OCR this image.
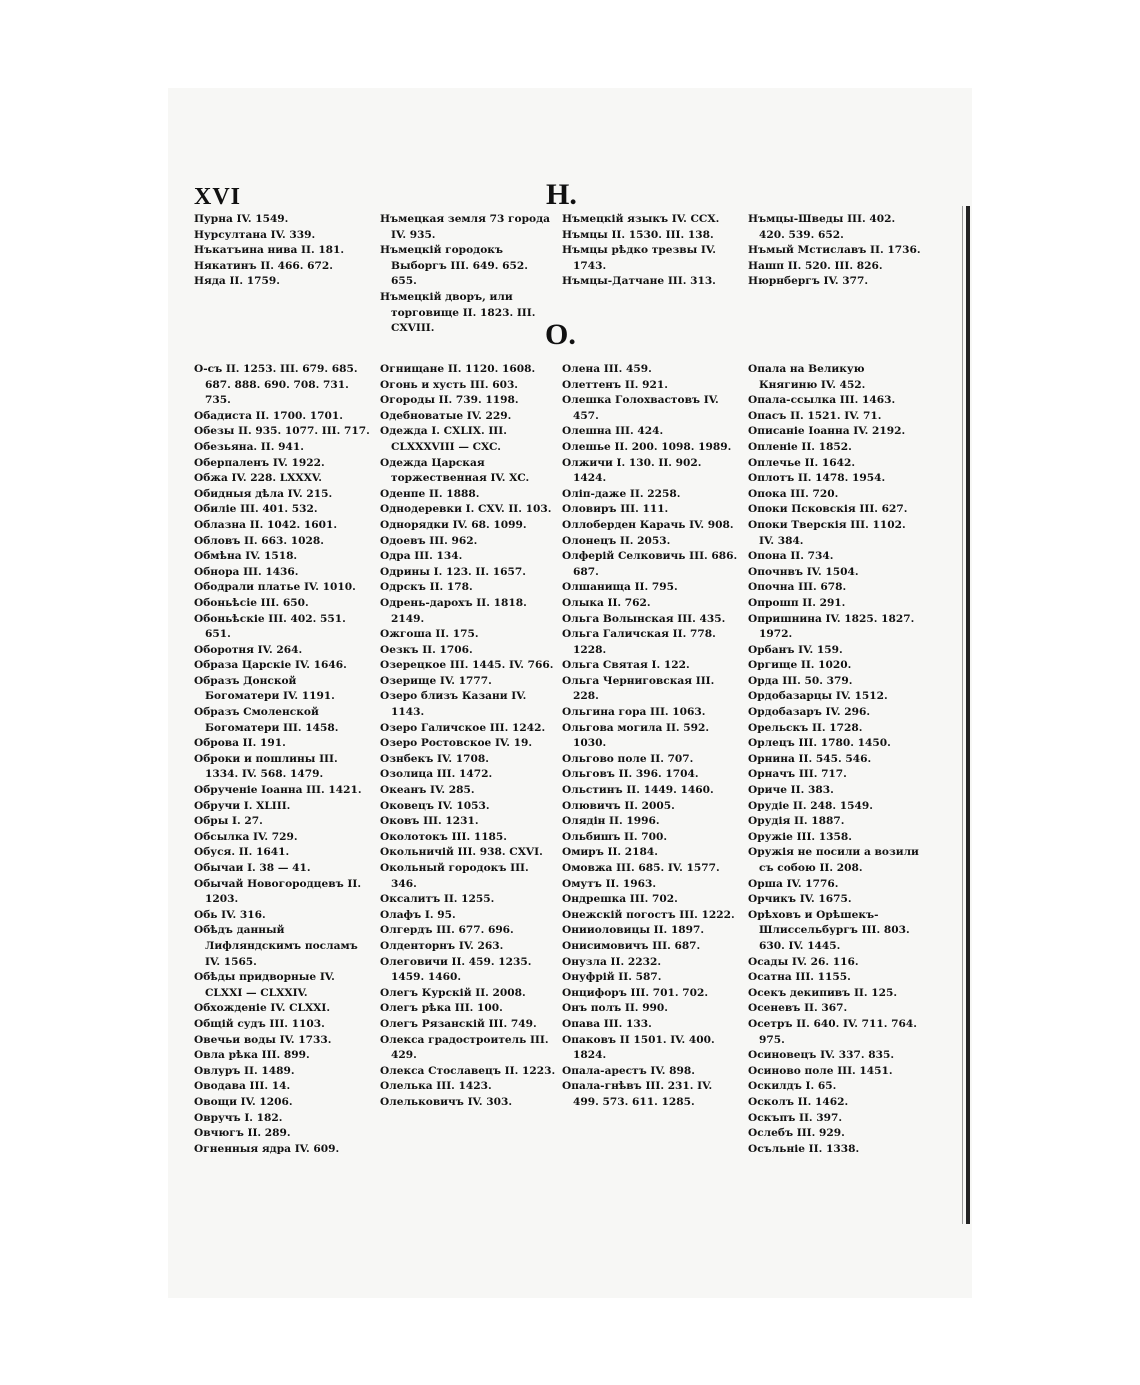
XVI	Н.
О.
Пурна IV. 1549.
Нурсултана IV. 339.
Нъкатъина нива II. 181.
Някатинъ II. 466. 672.
Няда II. 1759.
Нъмецкая земля 73 города IV. 935.
Нъмецкій городокъ Выборгъ III. 649. 652. 655.
Нъмецкій дворъ, или торговище II. 1823. III. CXVIII.
Нъмецкій языкъ IV. CCX.
Нъмцы II. 1530. III. 138.
Нъмцы рѣдко трезвы IV. 1743.
Нъмцы-Датчане III. 313.
Нъмцы-Шведы III. 402. 420. 539. 652.
Нъмый Мстиславъ II. 1736.
Нашп II. 520. III. 826.
Нюрнбергъ IV. 377.
О-съ II. 1253. III. 679. 685. 687. 888. 690. 708. 731. 735.
Обадиста II. 1700. 1701.
Обезы II. 935. 1077. III. 717.
Обезьяна. II. 941.
Оберпаленъ IV. 1922.
Обжа IV. 228. LXXXV.
Обидныя дѣла IV. 215.
Обиліе III. 401. 532.
Облазна II. 1042. 1601.
Обловъ II. 663. 1028.
Обмѣна IV. 1518.
Обнора III. 1436.
Ободрали платье IV. 1010.
Обоньѣсie III. 650.
Обоньѣскіе III. 402. 551. 651.
Оборотня IV. 264.
Образа Царскіе IV. 1646.
Образъ Донской Богоматери IV. 1191.
Образъ Смоленской Богоматери III. 1458.
Оброва II. 191.
Оброки и пошлины III. 1334. IV. 568. 1479.
Обрученіе Іоанна III. 1421.
Обручи I. XLIII.
Обры I. 27.
Обсылка IV. 729.
Обуся. II. 1641.
Обычаи I. 38 — 41.
Обычай Новогородцевъ II. 1203.
Обь IV. 316.
Обѣдъ данный Лифляндскимъ посламъ IV. 1565.
Обѣды придворные IV. CLXXI — CLXXIV.
Обхожденіе IV. CLXXI.
Общій судъ III. 1103.
Овечьи воды IV. 1733.
Овла рѣка III. 899.
Овлуръ II. 1489.
Оводава III. 14.
Овощи IV. 1206.
Овручъ I. 182.
Овчюгъ II. 289.
Огненныя ядра IV. 609.
Огнищане II. 1120. 1608.
Огонь и хусть III. 603.
Огороды II. 739. 1198.
Одебноватые IV. 229.
Одежда I. CXLIX. III. CLXXXVIII — CXC.
Одежда Царская торжественная IV. XC.
Оденпе II. 1888.
Однодеревки I. CXV. II. 103.
Однорядки IV. 68. 1099.
Одоевъ III. 962.
Одра III. 134.
Одрины I. 123. II. 1657.
Одрскъ II. 178.
Одрень-дарохъ II. 1818. 2149.
Ожгоша II. 175.
Оезкъ II. 1706.
Озерецкое III. 1445. IV. 766.
Озерище IV. 1777.
Озеро близъ Казани IV. 1143.
Озеро Галичское III. 1242.
Озеро Ростовское IV. 19.
Ознбекъ IV. 1708.
Озолица III. 1472.
Океанъ IV. 285.
Оковецъ IV. 1053.
Оковъ III. 1231.
Околотокъ III. 1185.
Окольничій III. 938. CXVI.
Окольный городокъ III. 346.
Оксалитъ II. 1255.
Олафъ I. 95.
Олгердъ III. 677. 696.
Олденторнъ IV. 263.
Олеговичи II. 459. 1235. 1459. 1460.
Олегъ Курскій II. 2008.
Олегъ рѣка III. 100.
Олегъ Рязанскій III. 749.
Олекса градостроитель III. 429.
Олекса Стославецъ II. 1223.
Олелька III. 1423.
Олельковичъ IV. 303.
Олена III. 459.
Олеттенъ II. 921.
Олешка Голохвастовъ IV. 457.
Олешна III. 424.
Олешье II. 200. 1098. 1989.
Олжичи I. 130. II. 902. 1424.
Оліп-даже II. 2258.
Оловиръ III. 111.
Оллоберден Карачь IV. 908.
Олонецъ II. 2053.
Олферій Селковичь III. 686. 687.
Олшанища II. 795.
Олыка II. 762.
Ольга Волынская III. 435.
Ольга Галичская II. 778. 1228.
Ольга Святая I. 122.
Ольга Черниговская III. 228.
Ольгина гора III. 1063.
Ольгова могила II. 592. 1030.
Ольгово поле II. 707.
Ольговъ II. 396. 1704.
Ольстинъ II. 1449. 1460.
Олювичъ II. 2005.
Олядін II. 1996.
Ольбишъ II. 700.
Омиръ II. 2184.
Омовжа III. 685. IV. 1577.
Омутъ II. 1963.
Ондрешка III. 702.
Онежскій погостъ III. 1222.
Онииоловицы II. 1897.
Онисимовичъ III. 687.
Онузла II. 2232.
Онуфрій II. 587.
Онцифоръ III. 701. 702.
Онъ полъ II. 990.
Опава III. 133.
Опаковъ II 1501. IV. 400. 1824.
Опала-арестъ IV. 898.
Опала-гнѣвъ III. 231. IV. 499. 573. 611. 1285.
Опала на Великую Княгиню IV. 452.
Опала-ссылка III. 1463.
Опасъ II. 1521. IV. 71.
Описаніе Іоанна IV. 2192.
Опленіе II. 1852.
Оплечье II. 1642.
Оплотъ II. 1478. 1954.
Опока III. 720.
Опоки Псковскія III. 627.
Опоки Тверскія III. 1102. IV. 384.
Опона II. 734.
Опочнвъ IV. 1504.
Опочна III. 678.
Опрошп II. 291.
Опришнина IV. 1825. 1827. 1972.
Орбанъ IV. 159.
Оргище II. 1020.
Орда III. 50. 379.
Ордобазарцы IV. 1512.
Ордобазаръ IV. 296.
Орельскъ II. 1728.
Орлецъ III. 1780. 1450.
Орнина II. 545. 546.
Орначъ III. 717.
Ориче II. 383.
Орудіе II. 248. 1549.
Орудія II. 1887.
Оружіе III. 1358.
Оружія не посили а возили съ собою II. 208.
Орша IV. 1776.
Орчикъ IV. 1675.
Орѣховъ и Орѣшекъ-Шлиссельбургъ III. 803. 630. IV. 1445.
Осады IV. 26. 116.
Осатна III. 1155.
Осекъ декипивъ II. 125.
Осеневъ II. 367.
Осетръ II. 640. IV. 711. 764. 975.
Осиновецъ IV. 337. 835.
Осиново поле III. 1451.
Оскилдъ I. 65.
Осколъ II. 1462.
Оскъпъ II. 397.
Ослебъ III. 929.
Осъльніе II. 1338.
